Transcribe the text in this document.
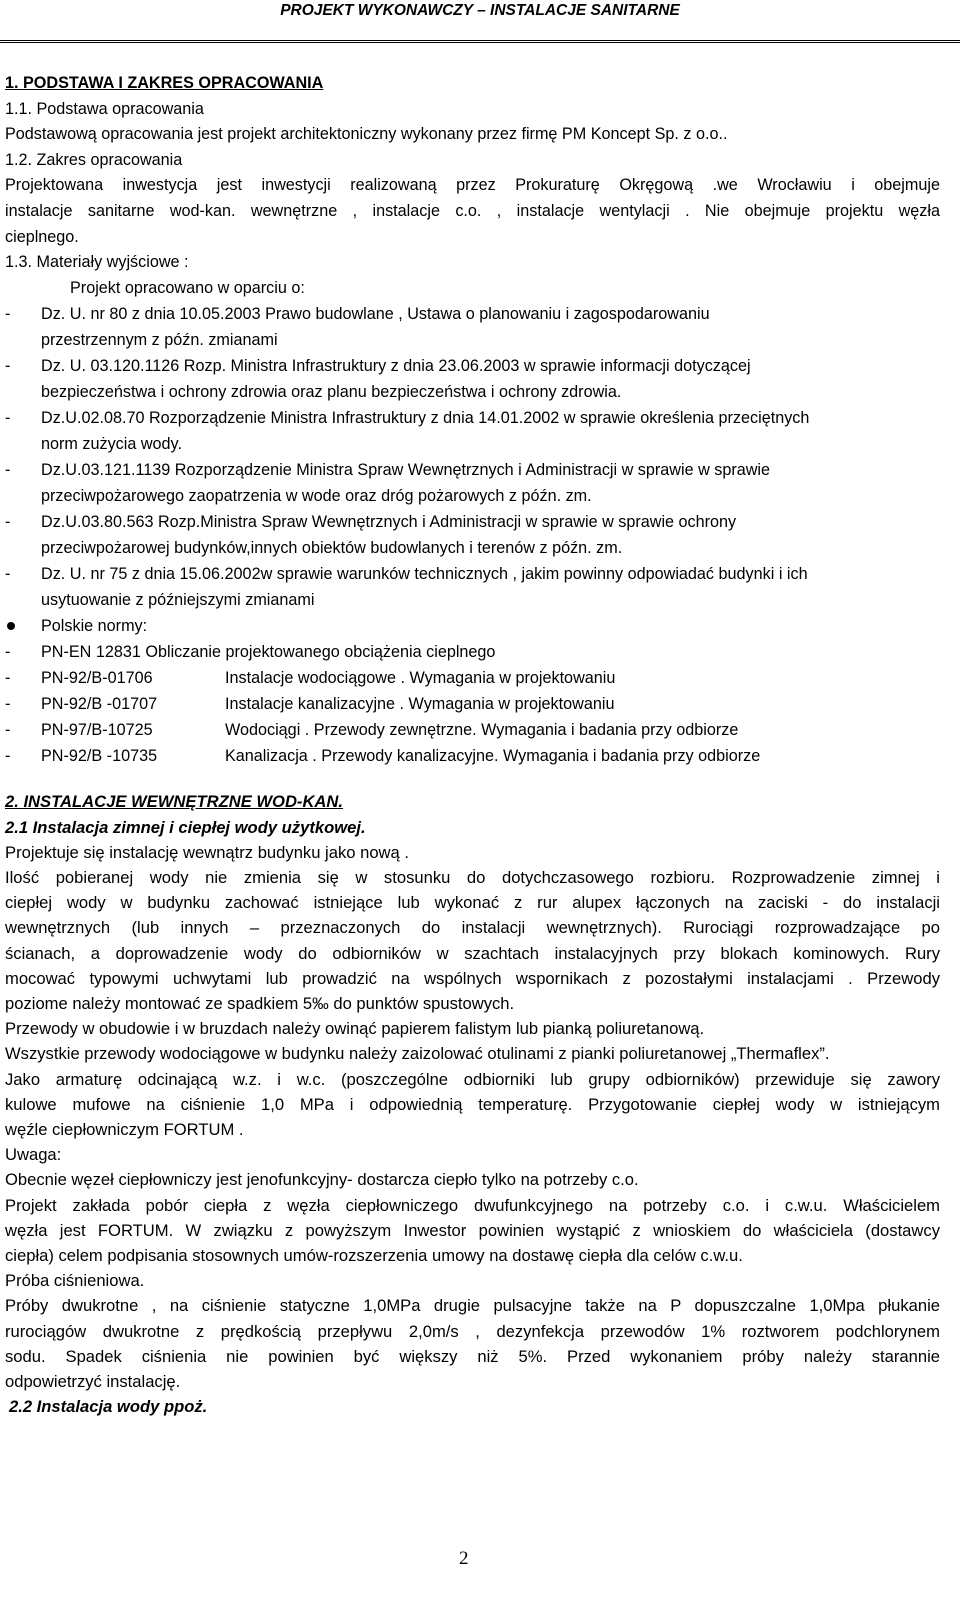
PROJEKT WYKONAWCZY – INSTALACJE SANITARNE
1. PODSTAWA I ZAKRES OPRACOWANIA
1.1. Podstawa opracowania
Podstawową opracowania jest projekt architektoniczny wykonany przez firmę PM Koncept Sp. z o.o..
1.2. Zakres opracowania
Projektowana inwestycja jest inwestycji realizowaną przez Prokuraturę Okręgową .we Wrocławiu i obejmuje
instalacje sanitarne wod-kan. wewnętrzne , instalacje c.o. , instalacje wentylacji . Nie obejmuje projektu węzła
cieplnego.
1.3. Materiały wyjściowe :
Projekt opracowano w oparciu o:
-	Dz. U. nr 80 z dnia 10.05.2003 Prawo budowlane , Ustawa o planowaniu i zagospodarowaniu
przestrzennym z późn. zmianami
-	Dz. U. 03.120.1126 Rozp. Ministra Infrastruktury z dnia 23.06.2003 w sprawie informacji dotyczącej
bezpieczeństwa i ochrony zdrowia oraz planu bezpieczeństwa i ochrony zdrowia.
-	Dz.U.02.08.70 Rozporządzenie Ministra Infrastruktury z dnia 14.01.2002 w sprawie określenia przeciętnych
norm zużycia wody.
-	Dz.U.03.121.1139 Rozporządzenie Ministra Spraw Wewnętrznych i Administracji w sprawie w sprawie
przeciwpożarowego zaopatrzenia w wode oraz dróg pożarowych z późn. zm.
-	Dz.U.03.80.563 Rozp.Ministra Spraw Wewnętrznych i Administracji w sprawie w sprawie ochrony
przeciwpożarowej budynków,innych obiektów budowlanych i terenów z późn. zm.
-	Dz. U. nr 75 z dnia 15.06.2002w sprawie warunków technicznych , jakim powinny odpowiadać budynki i ich
usytuowanie z późniejszymi zmianami
Polskie normy:
-	PN-EN 12831 Obliczanie projektowanego obciążenia cieplnego
- PN-92/B-01706	Instalacje wodociągowe . Wymagania w projektowaniu
- PN-92/B -01707	Instalacje kanalizacyjne . Wymagania w projektowaniu
- PN-97/B-10725	Wodociągi . Przewody zewnętrzne. Wymagania i badania przy odbiorze
- PN-92/B -10735	Kanalizacja . Przewody kanalizacyjne. Wymagania i badania przy odbiorze
2. INSTALACJE WEWNĘTRZNE WOD-KAN.
2.1 Instalacja zimnej i ciepłej wody użytkowej.
Projektuje się instalację wewnątrz budynku jako nową .
Ilość pobieranej wody nie zmienia się w stosunku do dotychczasowego rozbioru. Rozprowadzenie zimnej i
ciepłej wody w budynku zachować istniejące lub wykonać z rur alupex łączonych na zaciski - do instalacji
wewnętrznych (lub innych – przeznaczonych do instalacji wewnętrznych). Rurociągi rozprowadzające po
ścianach, a doprowadzenie wody do odbiorników w szachtach instalacyjnych przy blokach kominowych. Rury
mocować typowymi uchwytami lub prowadzić na wspólnych wspornikach z pozostałymi instalacjami . Przewody
poziome należy montować ze spadkiem 5‰ do punktów spustowych.
Przewody w obudowie i w bruzdach należy owinąć papierem falistym lub pianką poliuretanową.
Wszystkie przewody wodociągowe w budynku należy zaizolować otulinami z pianki poliuretanowej „Thermaflex”.
Jako armaturę odcinającą w.z. i w.c. (poszczególne odbiorniki lub grupy odbiorników) przewiduje się zawory
kulowe mufowe na ciśnienie 1,0 MPa i odpowiednią temperaturę. Przygotowanie ciepłej wody w istniejącym
węźle ciepłowniczym FORTUM .
Uwaga:
Obecnie węzeł ciepłowniczy jest jenofunkcyjny- dostarcza ciepło tylko na potrzeby c.o.
Projekt zakłada pobór ciepła z węzła ciepłowniczego dwufunkcyjnego na potrzeby c.o. i c.w.u. Właścicielem
węzła jest FORTUM. W związku z powyższym Inwestor powinien wystąpić z wnioskiem do właściciela (dostawcy
ciepła) celem podpisania stosownych umów-rozszerzenia umowy na dostawę ciepła dla celów c.w.u.
Próba ciśnieniowa.
Próby dwukrotne , na ciśnienie statyczne 1,0MPa drugie pulsacyjne także na P dopuszczalne 1,0Mpa płukanie
rurociągów dwukrotne z prędkością przepływu 2,0m/s , dezynfekcja przewodów 1% roztworem podchlorynem
sodu. Spadek ciśnienia nie powinien być większy niż 5%. Przed wykonaniem próby należy starannie
odpowietrzyć instalację.
2.2 Instalacja wody ppoż.
2
